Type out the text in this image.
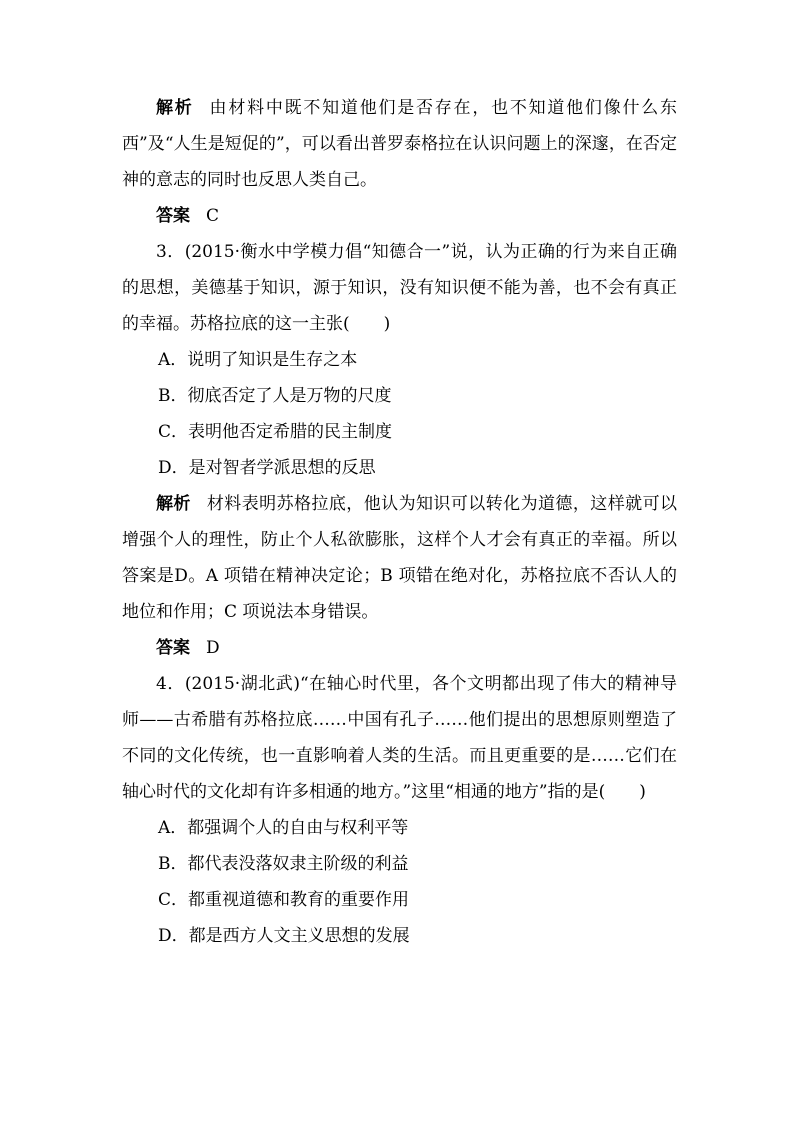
解析 由材料中既不知道他们是否存在，也不知道他们像什么东西”及“人生是短促的”，可以看出普罗泰格拉在认识问题上的深邃，在否定神的意志的同时也反思人类自己。

答案 C

3．(2015·衡水中学模力倡“知德合一”说，认为正确的行为来自正确的思想，美德基于知识，源于知识，没有知识便不能为善，也不会有真正的幸福。苏格拉底的这一主张(　　)

A．说明了知识是生存之本

B．彻底否定了人是万物的尺度

C．表明他否定希腊的民主制度

D．是对智者学派思想的反思

解析 材料表明苏格拉底，他认为知识可以转化为道德，这样就可以增强个人的理性，防止个人私欲膨胀，这样个人才会有真正的幸福。所以答案是D。A 项错在精神决定论；B 项错在绝对化，苏格拉底不否认人的地位和作用；C 项说法本身错误。

答案 D

4．(2015·湖北武)“在轴心时代里，各个文明都出现了伟大的精神导师——古希腊有苏格拉底……中国有孔子……他们提出的思想原则塑造了不同的文化传统，也一直影响着人类的生活。而且更重要的是……它们在轴心时代的文化却有许多相通的地方。”这里“相通的地方”指的是(　　)

A．都强调个人的自由与权利平等

B．都代表没落奴隶主阶级的利益

C．都重视道德和教育的重要作用

D．都是西方人文主义思想的发展
